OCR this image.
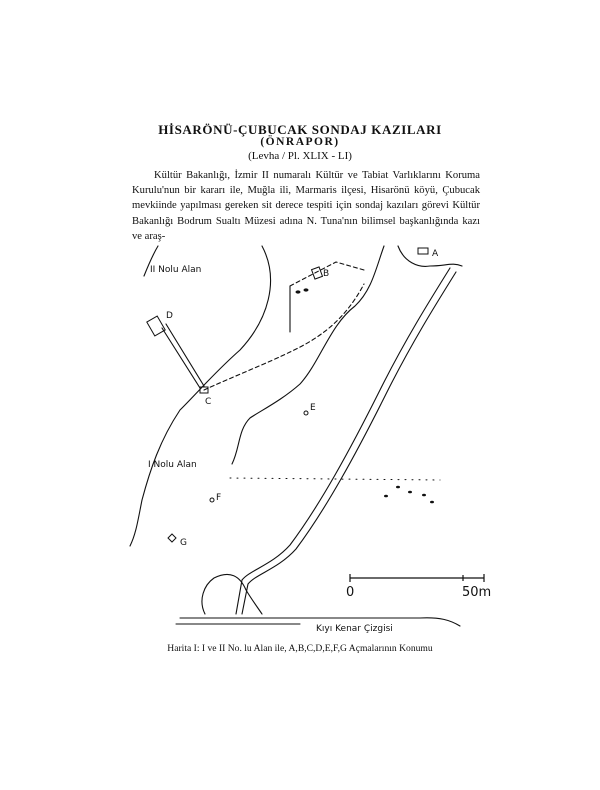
HİSARÖNÜ-ÇUBUCAK SONDAJ KAZILARI
(ÖNRAPOR)
(Levha / Pl. XLIX - LI)

Kültür Bakanlığı, İzmir II numaralı Kültür ve Tabiat Varlıklarını Koruma Kurulu'nun bir kararı ile, Muğla ili, Marmaris ilçesi, Hisarönü köyü, Çubucak mevkiinde yapılması gereken sit derece tespiti için sondaj kazıları görevi Kültür Bakanlığı Bodrum Sualtı Müzesi adına N. Tuna'nın bilimsel başkanlığında kazı ve araş-

II Nolu Alan
I Nolu Alan
A
B
C
D
E
F
G
0	50m
Kıyı Kenar Çizgisi
Harita I: I ve II No. lu Alan ile, A,B,C,D,E,F,G Açmalarının Konumu
